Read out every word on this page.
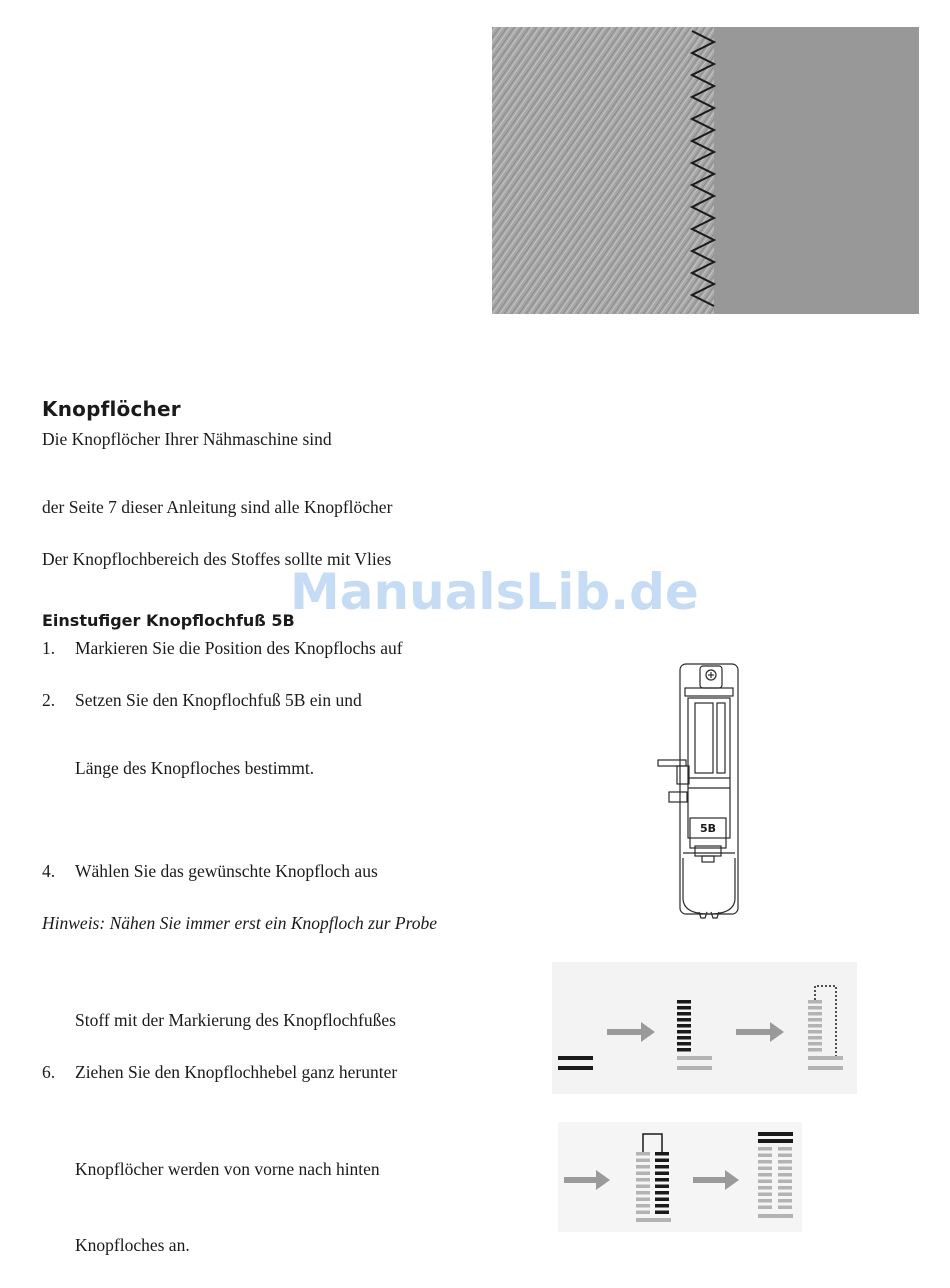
Knopflöcher
Die Knopflöcher Ihrer Nähmaschine sind
der Seite 7 dieser Anleitung sind alle Knopflöcher
Der Knopflochbereich des Stoffes sollte mit Vlies
ManualsLib.de
Einstufiger Knopflochfuß 5B
1. Markieren Sie die Position des Knopflochs auf
2. Setzen Sie den Knopflochfuß 5B ein und
Länge des Knopfloches bestimmt.
4. Wählen Sie das gewünschte Knopfloch aus
Hinweis: Nähen Sie immer erst ein Knopfloch zur Probe
Stoff mit der Markierung des Knopflochfußes
6. Ziehen Sie den Knopflochhebel ganz herunter
Knopflöcher werden von vorne nach hinten
Knopfloches an.
5B
